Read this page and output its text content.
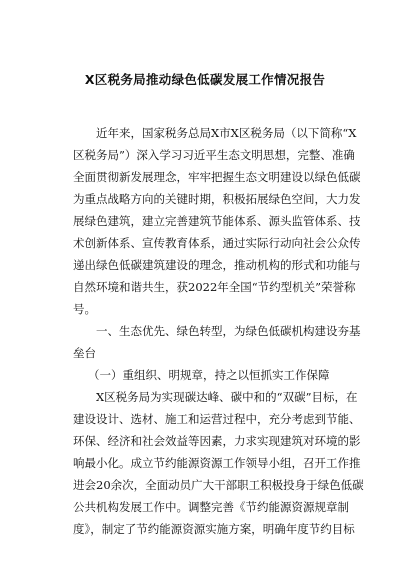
X区税务局推动绿色低碳发展工作情况报告

近年来，国家税务总局X市X区税务局（以下简称“X

区税务局”）深入学习习近平生态文明思想，完整、准确

全面贯彻新发展理念，牢牢把握生态文明建设以绿色低碳

为重点战略方向的关键时期，积极拓展绿色空间，大力发

展绿色建筑，建立完善建筑节能体系、源头监管体系、技

术创新体系、宣传教育体系，通过实际行动向社会公众传

递出绿色低碳建筑建设的理念，推动机构的形式和功能与

自然环境和谐共生，获2022年全国“节约型机关”荣誉称

号。

一、生态优先、绿色转型，为绿色低碳机构建设夯基

垒台

（一）重组织、明规章，持之以恒抓实工作保障

X区税务局为实现碳达峰、碳中和的“双碳”目标，在

建设设计、选材、施工和运营过程中，充分考虑到节能、

环保、经济和社会效益等因素，力求实现建筑对环境的影

响最小化。成立节约能源资源工作领导小组，召开工作推

进会20余次，全面动员广大干部职工积极投身于绿色低碳

公共机构发展工作中。调整完善《节约能源资源规章制

度》，制定了节约能源资源实施方案，明确年度节约目标
